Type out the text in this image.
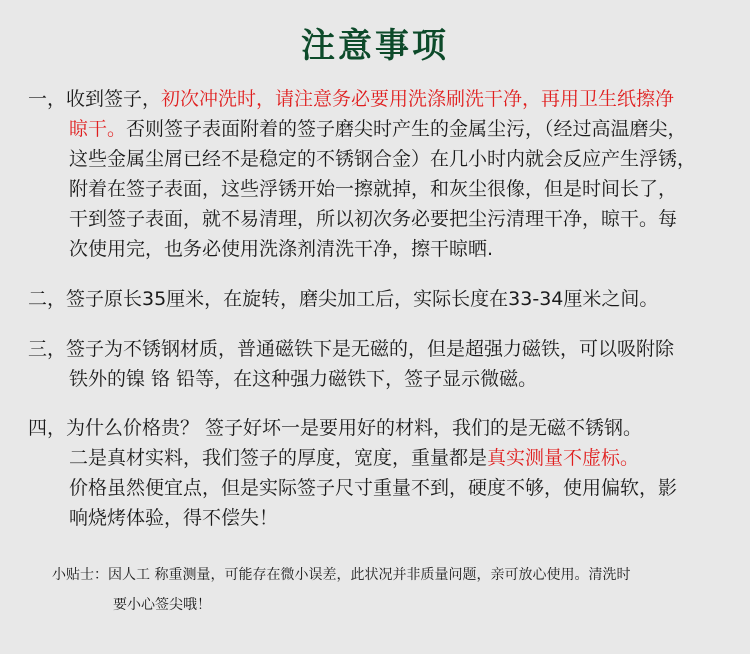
注意事项
一，收到签子，初次冲洗时，请注意务必要用洗涤刷洗干净，再用卫生纸擦净
晾干。否则签子表面附着的签子磨尖时产生的金属尘污，（经过高温磨尖，
这些金属尘屑已经不是稳定的不锈钢合金）在几小时内就会反应产生浮锈，
附着在签子表面，这些浮锈开始一擦就掉，和灰尘很像，但是时间长了，
干到签子表面，就不易清理，所以初次务必要把尘污清理干净，晾干。每
次使用完，也务必使用洗涤剂清洗干净，擦干晾晒.
二，签子原长35厘米，在旋转，磨尖加工后，实际长度在33-34厘米之间。
三，签子为不锈钢材质，普通磁铁下是无磁的，但是超强力磁铁，可以吸附除
铁外的镍 铬 铅等，在这种强力磁铁下，签子显示微磁。
四，为什么价格贵？ 签子好坏一是要用好的材料，我们的是无磁不锈钢。
二是真材实料，我们签子的厚度，宽度，重量都是真实测量不虚标。
价格虽然便宜点，但是实际签子尺寸重量不到，硬度不够，使用偏软，影
响烧烤体验，得不偿失！
小贴士：因人工 称重测量，可能存在微小误差，此状况并非质量问题，亲可放心使用。清洗时
要小心签尖哦！
